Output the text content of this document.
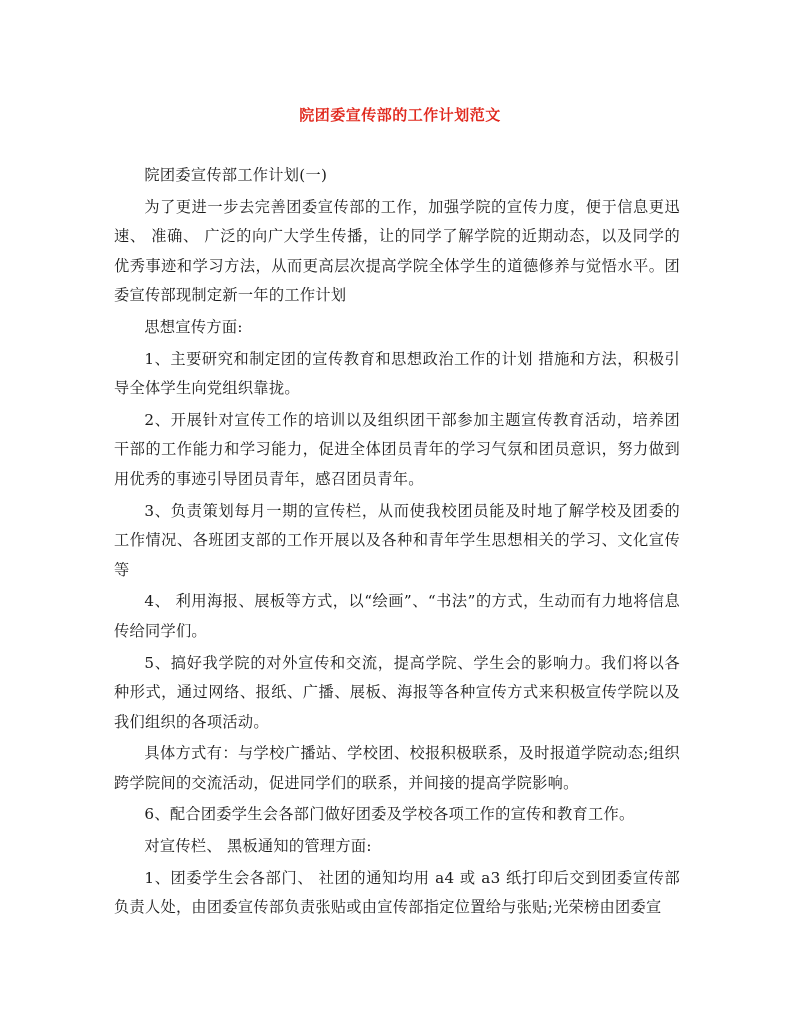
院团委宣传部的工作计划范文

院团委宣传部工作计划(一)

为了更进一步去完善团委宣传部的工作，加强学院的宣传力度，便于信息更迅速、 准确、 广泛的向广大学生传播，让的同学了解学院的近期动态，以及同学的优秀事迹和学习方法，从而更高层次提高学院全体学生的道德修养与觉悟水平。团委宣传部现制定新一年的工作计划

思想宣传方面:

1、主要研究和制定团的宣传教育和思想政治工作的计划 措施和方法，积极引导全体学生向党组织靠拢。

2、开展针对宣传工作的培训以及组织团干部参加主题宣传教育活动，培养团干部的工作能力和学习能力，促进全体团员青年的学习气氛和团员意识，努力做到用优秀的事迹引导团员青年，感召团员青年。

3、负责策划每月一期的宣传栏，从而使我校团员能及时地了解学校及团委的工作情况、各班团支部的工作开展以及各种和青年学生思想相关的学习、文化宣传等

4、 利用海报、展板等方式，以“绘画”、“书法”的方式，生动而有力地将信息传给同学们。

5、搞好我学院的对外宣传和交流，提高学院、学生会的影响力。我们将以各种形式，通过网络、报纸、广播、展板、海报等各种宣传方式来积极宣传学院以及我们组织的各项活动。

具体方式有：与学校广播站、学校团、校报积极联系，及时报道学院动态;组织跨学院间的交流活动，促进同学们的联系，并间接的提高学院影响。

6、配合团委学生会各部门做好团委及学校各项工作的宣传和教育工作。

对宣传栏、 黑板通知的管理方面:

1、团委学生会各部门、 社团的通知均用 a4 或 a3 纸打印后交到团委宣传部负责人处，由团委宣传部负责张贴或由宣传部指定位置给与张贴;光荣榜由团委宣
